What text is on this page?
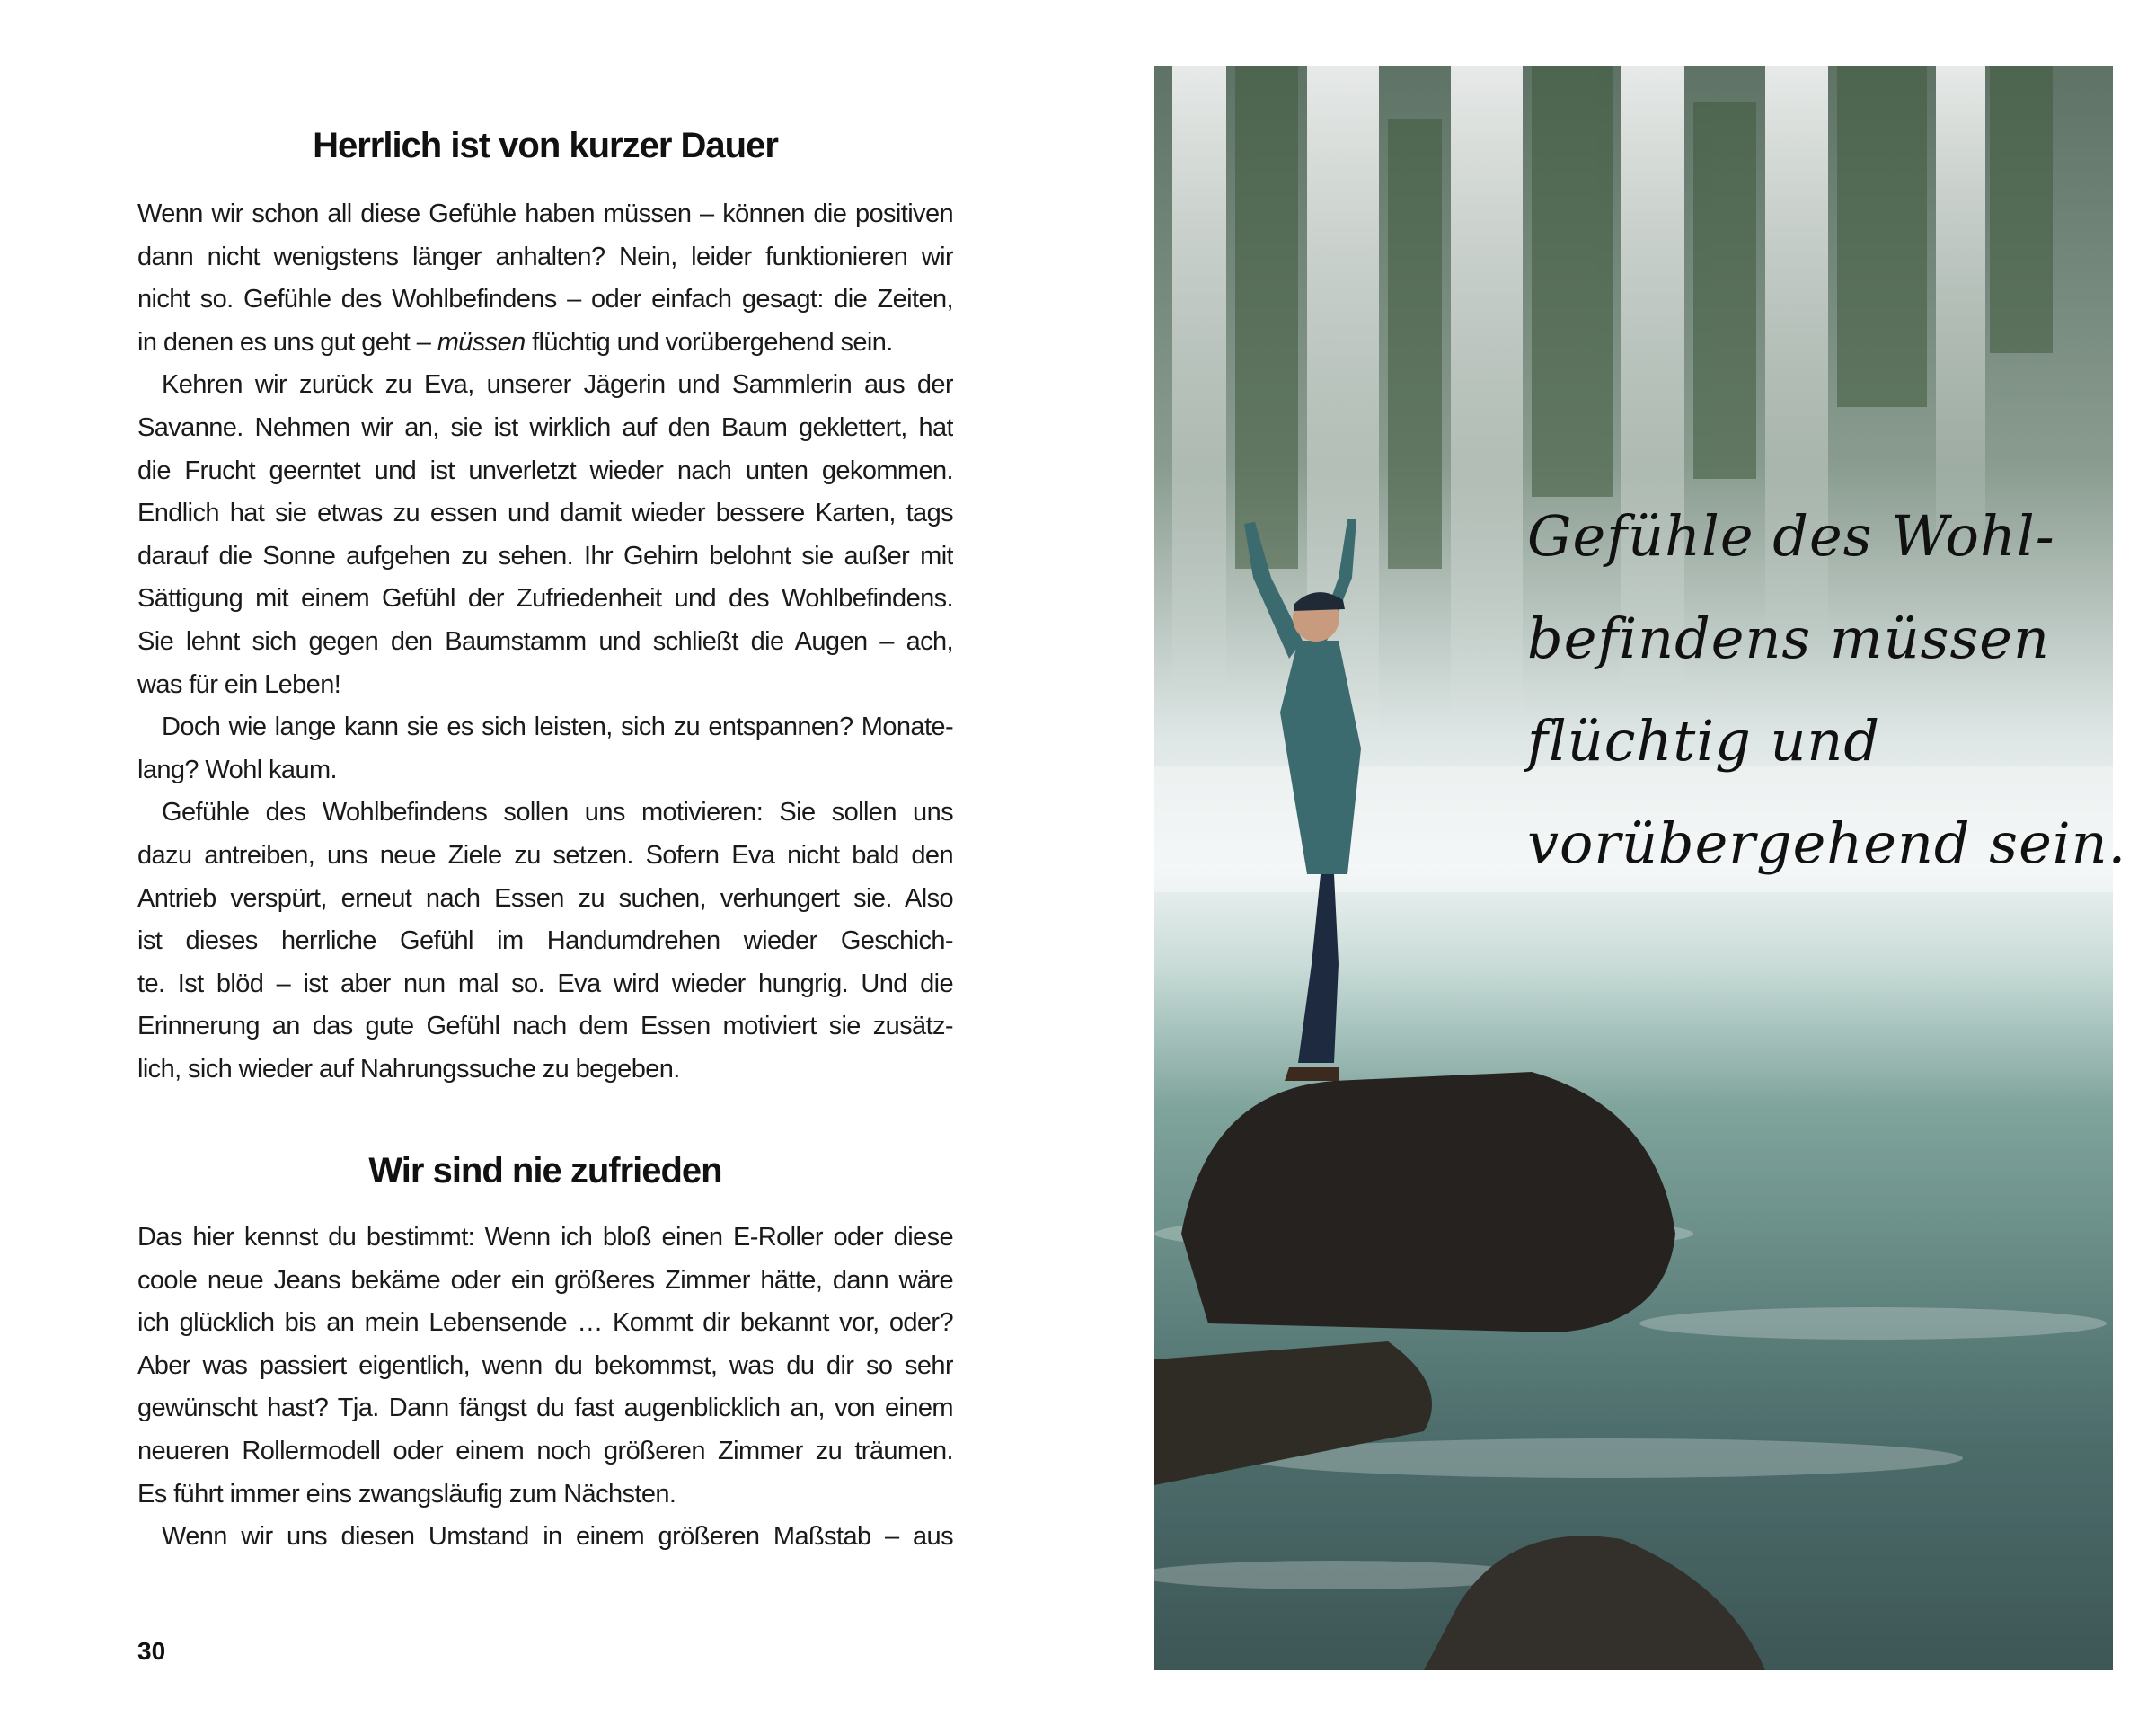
Herrlich ist von kurzer Dauer
Wenn wir schon all diese Gefühle haben müssen – können die positiven
dann nicht wenigstens länger anhalten? Nein, leider funktionieren wir
nicht so. Gefühle des Wohlbefindens – oder einfach gesagt: die Zeiten,
in denen es uns gut geht – müssen flüchtig und vorübergehend sein.
Kehren wir zurück zu Eva, unserer Jägerin und Sammlerin aus der
Savanne. Nehmen wir an, sie ist wirklich auf den Baum geklettert, hat
die Frucht geerntet und ist unverletzt wieder nach unten gekommen.
Endlich hat sie etwas zu essen und damit wieder bessere Karten, tags
darauf die Sonne aufgehen zu sehen. Ihr Gehirn belohnt sie außer mit
Sättigung mit einem Gefühl der Zufriedenheit und des Wohlbefindens.
Sie lehnt sich gegen den Baumstamm und schließt die Augen – ach,
was für ein Leben!
Doch wie lange kann sie es sich leisten, sich zu entspannen? Monate-
lang? Wohl kaum.
Gefühle des Wohlbefindens sollen uns motivieren: Sie sollen uns
dazu antreiben, uns neue Ziele zu setzen. Sofern Eva nicht bald den
Antrieb verspürt, erneut nach Essen zu suchen, verhungert sie. Also
ist dieses herrliche Gefühl im Handumdrehen wieder Geschich-
te. Ist blöd – ist aber nun mal so. Eva wird wieder hungrig. Und die
Erinnerung an das gute Gefühl nach dem Essen motiviert sie zusätz-
lich, sich wieder auf Nahrungssuche zu begeben.
Wir sind nie zufrieden
Das hier kennst du bestimmt: Wenn ich bloß einen E-Roller oder diese
coole neue Jeans bekäme oder ein größeres Zimmer hätte, dann wäre
ich glücklich bis an mein Lebensende … Kommt dir bekannt vor, oder?
Aber was passiert eigentlich, wenn du bekommst, was du dir so sehr
gewünscht hast? Tja. Dann fängst du fast augenblicklich an, von einem
neueren Rollermodell oder einem noch größeren Zimmer zu träumen.
Es führt immer eins zwangsläufig zum Nächsten.
Wenn wir uns diesen Umstand in einem größeren Maßstab – aus
30
Gefühle des Wohl-
befindens müssen
flüchtig und
vorübergehend sein.
